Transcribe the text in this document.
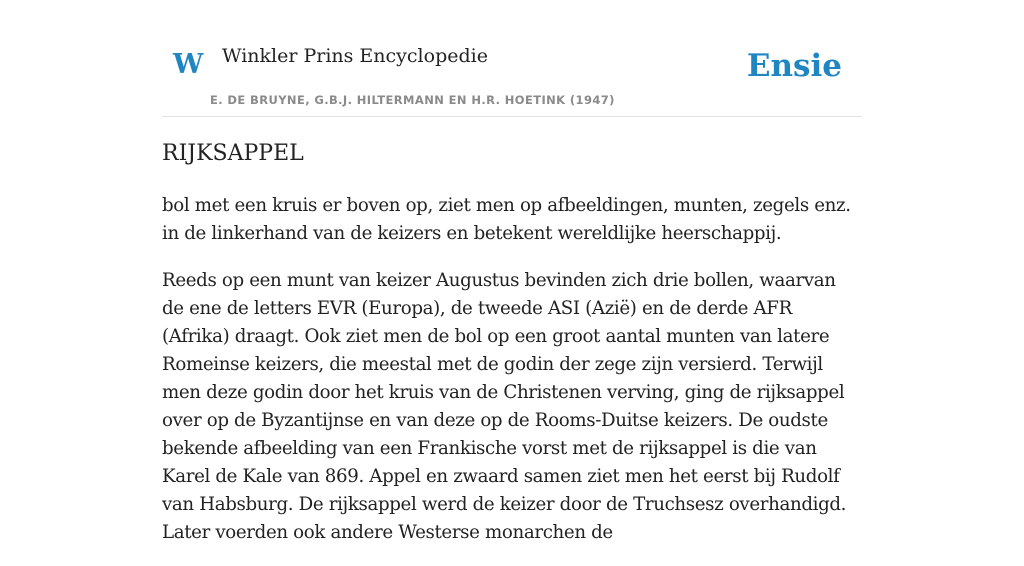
W Winkler Prins Encyclopedie
E. DE BRUYNE, G.B.J. HILTERMANN EN H.R. HOETINK (1947)
Ensie
RIJKSAPPEL

bol met een kruis er boven op, ziet men op afbeeldingen, munten, zegels enz. in de linkerhand van de keizers en betekent wereldlijke heerschappij.

Reeds op een munt van keizer Augustus bevinden zich drie bollen, waarvan de ene de letters EVR (Europa), de tweede ASI (Azië) en de derde AFR (Afrika) draagt. Ook ziet men de bol op een groot aantal munten van latere Romeinse keizers, die meestal met de godin der zege zijn versierd. Terwijl men deze godin door het kruis van de Christenen verving, ging de rijksappel over op de Byzantijnse en van deze op de Rooms-Duitse keizers. De oudste bekende afbeelding van een Frankische vorst met de rijksappel is die van Karel de Kale van 869. Appel en zwaard samen ziet men het eerst bij Rudolf van Habsburg. De rijksappel werd de keizer door de Truchsesz overhandigd. Later voerden ook andere Westerse monarchen de
